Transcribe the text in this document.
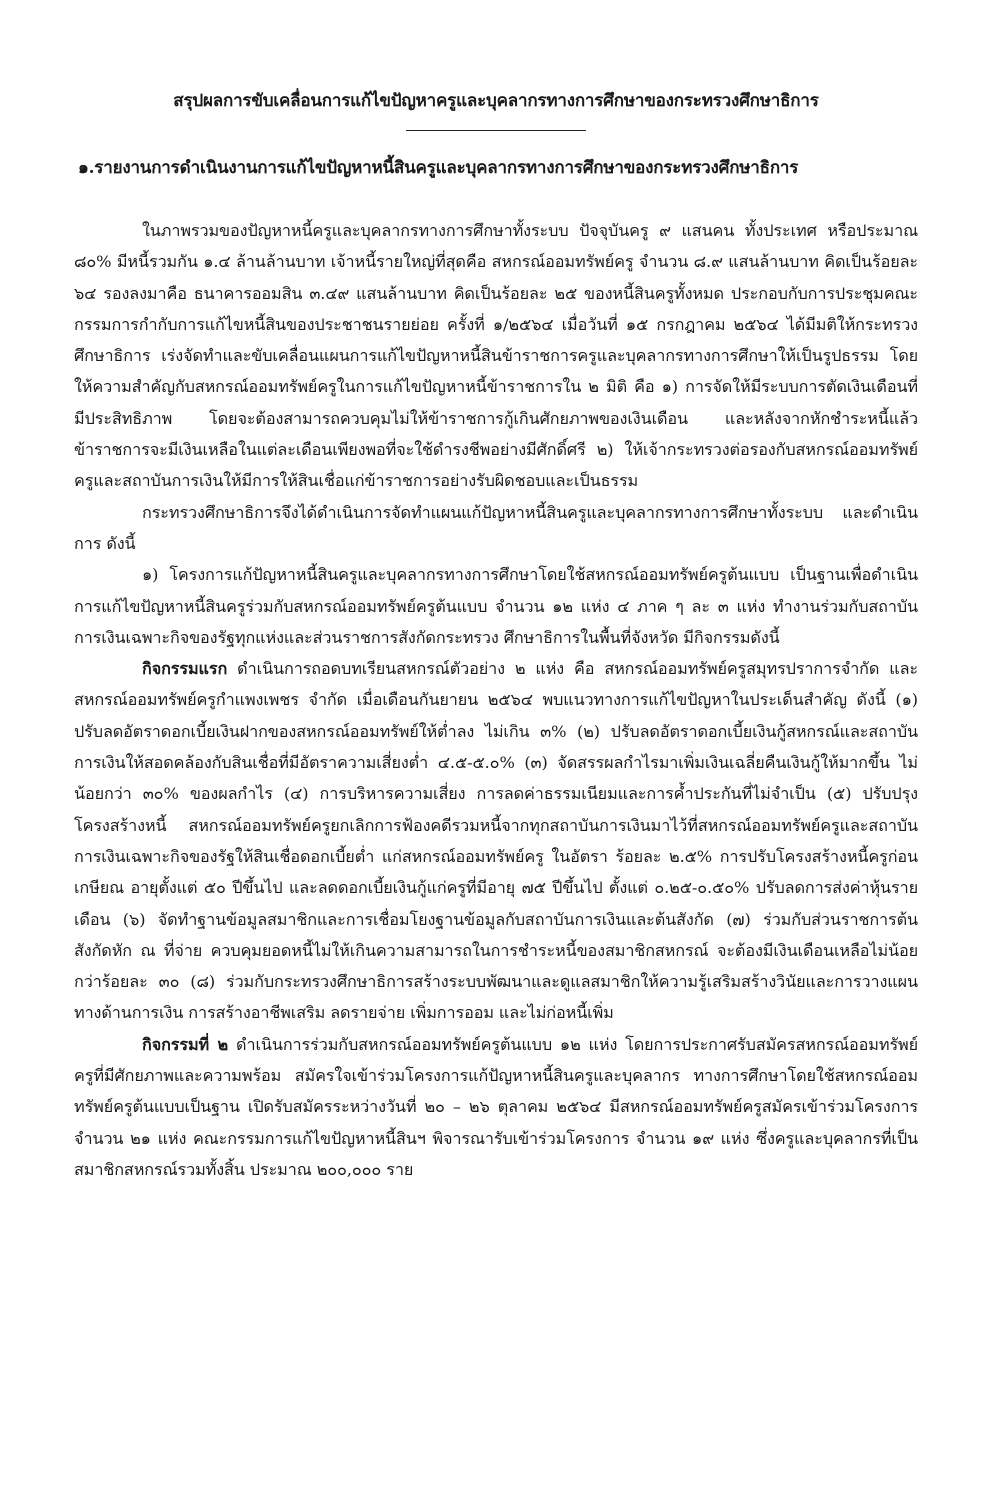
สรุปผลการขับเคลื่อนการแก้ไขปัญหาครูและบุคลากรทางการศึกษาของกระทรวงศึกษาธิการ
๑.รายงานการดำเนินงานการแก้ไขปัญหาหนี้สินครูและบุคลากรทางการศึกษาของกระทรวงศึกษาธิการ

ในภาพรวมของปัญหาหนี้ครูและบุคลากรทางการศึกษาทั้งระบบ ปัจจุบันครู ๙ แสนคน ทั้งประเทศ หรือประมาณ ๘๐% มีหนี้รวมกัน ๑.๔ ล้านล้านบาท เจ้าหนี้รายใหญ่ที่สุดคือ สหกรณ์ออมทรัพย์ครู จำนวน ๘.๙ แสนล้านบาท คิดเป็นร้อยละ ๖๔ รองลงมาคือ ธนาคารออมสิน ๓.๔๙ แสนล้านบาท คิดเป็นร้อยละ ๒๕ ของหนี้สินครูทั้งหมด ประกอบกับการประชุมคณะกรรมการกำกับการแก้ไขหนี้สินของประชาชนรายย่อย ครั้งที่ ๑/๒๕๖๔ เมื่อวันที่ ๑๕ กรกฎาคม ๒๕๖๔ ได้มีมติให้กระทรวงศึกษาธิการ เร่งจัดทำและขับเคลื่อนแผนการแก้ไขปัญหาหนี้สินข้าราชการครูและบุคลากรทางการศึกษาให้เป็นรูปธรรม โดยให้ความสำคัญกับสหกรณ์ออมทรัพย์ครูในการแก้ไขปัญหาหนี้ข้าราชการใน ๒ มิติ คือ ๑) การจัดให้มีระบบการตัดเงินเดือนที่มีประสิทธิภาพ โดยจะต้องสามารถควบคุมไม่ให้ข้าราชการกู้เกินศักยภาพของเงินเดือน และหลังจากหักชำระหนี้แล้วข้าราชการจะมีเงินเหลือในแต่ละเดือนเพียงพอที่จะใช้ดำรงชีพอย่างมีศักดิ์ศรี ๒) ให้เจ้ากระทรวงต่อรองกับสหกรณ์ออมทรัพย์ครูและสถาบันการเงินให้มีการให้สินเชื่อแก่ข้าราชการอย่างรับผิดชอบและเป็นธรรม

กระทรวงศึกษาธิการจึงได้ดำเนินการจัดทำแผนแก้ปัญหาหนี้สินครูและบุคลากรทางการศึกษาทั้งระบบ และดำเนินการ ดังนี้

๑) โครงการแก้ปัญหาหนี้สินครูและบุคลากรทางการศึกษาโดยใช้สหกรณ์ออมทรัพย์ครูต้นแบบ เป็นฐานเพื่อดำเนินการแก้ไขปัญหาหนี้สินครูร่วมกับสหกรณ์ออมทรัพย์ครูต้นแบบ จำนวน ๑๒ แห่ง ๔ ภาค ๆ ละ ๓ แห่ง ทำงานร่วมกับสถาบันการเงินเฉพาะกิจของรัฐทุกแห่งและส่วนราชการสังกัดกระทรวง ศึกษาธิการในพื้นที่จังหวัด มีกิจกรรมดังนี้

กิจกรรมแรก ดำเนินการถอดบทเรียนสหกรณ์ตัวอย่าง ๒ แห่ง คือ สหกรณ์ออมทรัพย์ครูสมุทรปราการจำกัด และสหกรณ์ออมทรัพย์ครูกำแพงเพชร จำกัด เมื่อเดือนกันยายน ๒๕๖๔ พบแนวทางการแก้ไขปัญหาในประเด็นสำคัญ ดังนี้ (๑) ปรับลดอัตราดอกเบี้ยเงินฝากของสหกรณ์ออมทรัพย์ให้ต่ำลง ไม่เกิน ๓% (๒) ปรับลดอัตราดอกเบี้ยเงินกู้สหกรณ์และสถาบันการเงินให้สอดคล้องกับสินเชื่อที่มีอัตราความเสี่ยงต่ำ ๔.๕-๕.๐% (๓) จัดสรรผลกำไรมาเพิ่มเงินเฉลี่ยคืนเงินกู้ให้มากขึ้น ไม่น้อยกว่า ๓๐% ของผลกำไร (๔) การบริหารความเสี่ยง การลดค่าธรรมเนียมและการค้ำประกันที่ไม่จำเป็น (๕) ปรับปรุงโครงสร้างหนี้ สหกรณ์ออมทรัพย์ครูยกเลิกการฟ้องคดีรวมหนี้จากทุกสถาบันการเงินมาไว้ที่สหกรณ์ออมทรัพย์ครูและสถาบันการเงินเฉพาะกิจของรัฐให้สินเชื่อดอกเบี้ยต่ำ แก่สหกรณ์ออมทรัพย์ครู ในอัตรา ร้อยละ ๒.๕% การปรับโครงสร้างหนี้ครูก่อนเกษียณ อายุตั้งแต่ ๕๐ ปีขึ้นไป และลดดอกเบี้ยเงินกู้แก่ครูที่มีอายุ ๗๕ ปีขึ้นไป ตั้งแต่ ๐.๒๕-๐.๕๐% ปรับลดการส่งค่าหุ้นรายเดือน (๖) จัดทำฐานข้อมูลสมาชิกและการเชื่อมโยงฐานข้อมูลกับสถาบันการเงินและต้นสังกัด (๗) ร่วมกับส่วนราชการต้นสังกัดหัก ณ ที่จ่าย ควบคุมยอดหนี้ไม่ให้เกินความสามารถในการชำระหนี้ของสมาชิกสหกรณ์ จะต้องมีเงินเดือนเหลือไม่น้อยกว่าร้อยละ ๓๐ (๘) ร่วมกับกระทรวงศึกษาธิการสร้างระบบพัฒนาและดูแลสมาชิกให้ความรู้เสริมสร้างวินัยและการวางแผนทางด้านการเงิน การสร้างอาชีพเสริม ลดรายจ่าย เพิ่มการออม และไม่ก่อหนี้เพิ่ม

กิจกรรมที่ ๒ ดำเนินการร่วมกับสหกรณ์ออมทรัพย์ครูต้นแบบ ๑๒ แห่ง โดยการประกาศรับสมัครสหกรณ์ออมทรัพย์ครูที่มีศักยภาพและความพร้อม สมัครใจเข้าร่วมโครงการแก้ปัญหาหนี้สินครูและบุคลากร ทางการศึกษาโดยใช้สหกรณ์ออมทรัพย์ครูต้นแบบเป็นฐาน เปิดรับสมัครระหว่างวันที่ ๒๐ – ๒๖ ตุลาคม ๒๕๖๔ มีสหกรณ์ออมทรัพย์ครูสมัครเข้าร่วมโครงการ จำนวน ๒๑ แห่ง คณะกรรมการแก้ไขปัญหาหนี้สินฯ พิจารณารับเข้าร่วมโครงการ จำนวน ๑๙ แห่ง ซึ่งครูและบุคลากรที่เป็นสมาชิกสหกรณ์รวมทั้งสิ้น ประมาณ ๒๐๐,๐๐๐ ราย
